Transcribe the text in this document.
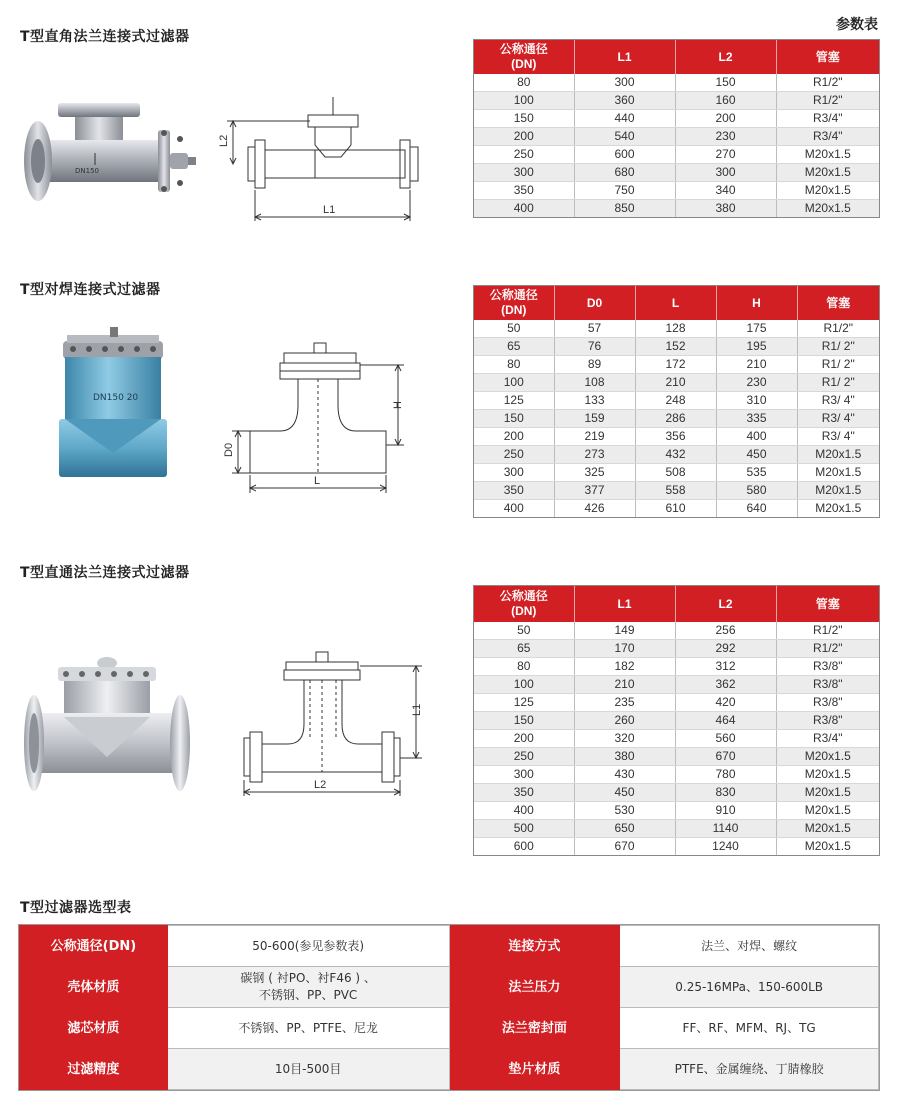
参数表
T型直角法兰连接式过滤器
DN150
L2
L1
公称通径
(DN)	L1	L2	管塞
80	300	150	R1/2"
100	360	160	R1/2"
150	440	200	R3/4"
200	540	230	R3/4"
250	600	270	M20x1.5
300	680	300	M20x1.5
350	750	340	M20x1.5
400	850	380	M20x1.5
T型对焊连接式过滤器
DN150 20
H
D0
L
公称通径
(DN)	D0	L	H	管塞
50	57	128	175	R1/2"
65	76	152	195	R1/ 2"
80	89	172	210	R1/ 2"
100	108	210	230	R1/ 2"
125	133	248	310	R3/ 4"
150	159	286	335	R3/ 4"
200	219	356	400	R3/ 4"
250	273	432	450	M20x1.5
300	325	508	535	M20x1.5
350	377	558	580	M20x1.5
400	426	610	640	M20x1.5
T型直通法兰连接式过滤器
L1
L2
公称通径
(DN)	L1	L2	管塞
50	149	256	R1/2"
65	170	292	R1/2"
80	182	312	R3/8"
100	210	362	R3/8"
125	235	420	R3/8"
150	260	464	R3/8"
200	320	560	R3/4"
250	380	670	M20x1.5
300	430	780	M20x1.5
350	450	830	M20x1.5
400	530	910	M20x1.5
500	650	1140	M20x1.5
600	670	1240	M20x1.5
T型过滤器选型表
公称通径(DN)	50-600(参见参数表)	连接方式	法兰、对焊、螺纹
壳体材质	碳钢 ( 衬PO、衬F46 ) 、
不锈钢、PP、PVC	法兰压力	0.25-16MPa、150-600LB
滤芯材质	不锈钢、PP、PTFE、尼龙	法兰密封面	FF、RF、MFM、RJ、TG
过滤精度	10目-500目	垫片材质	PTFE、金属缠绕、丁腈橡胶
